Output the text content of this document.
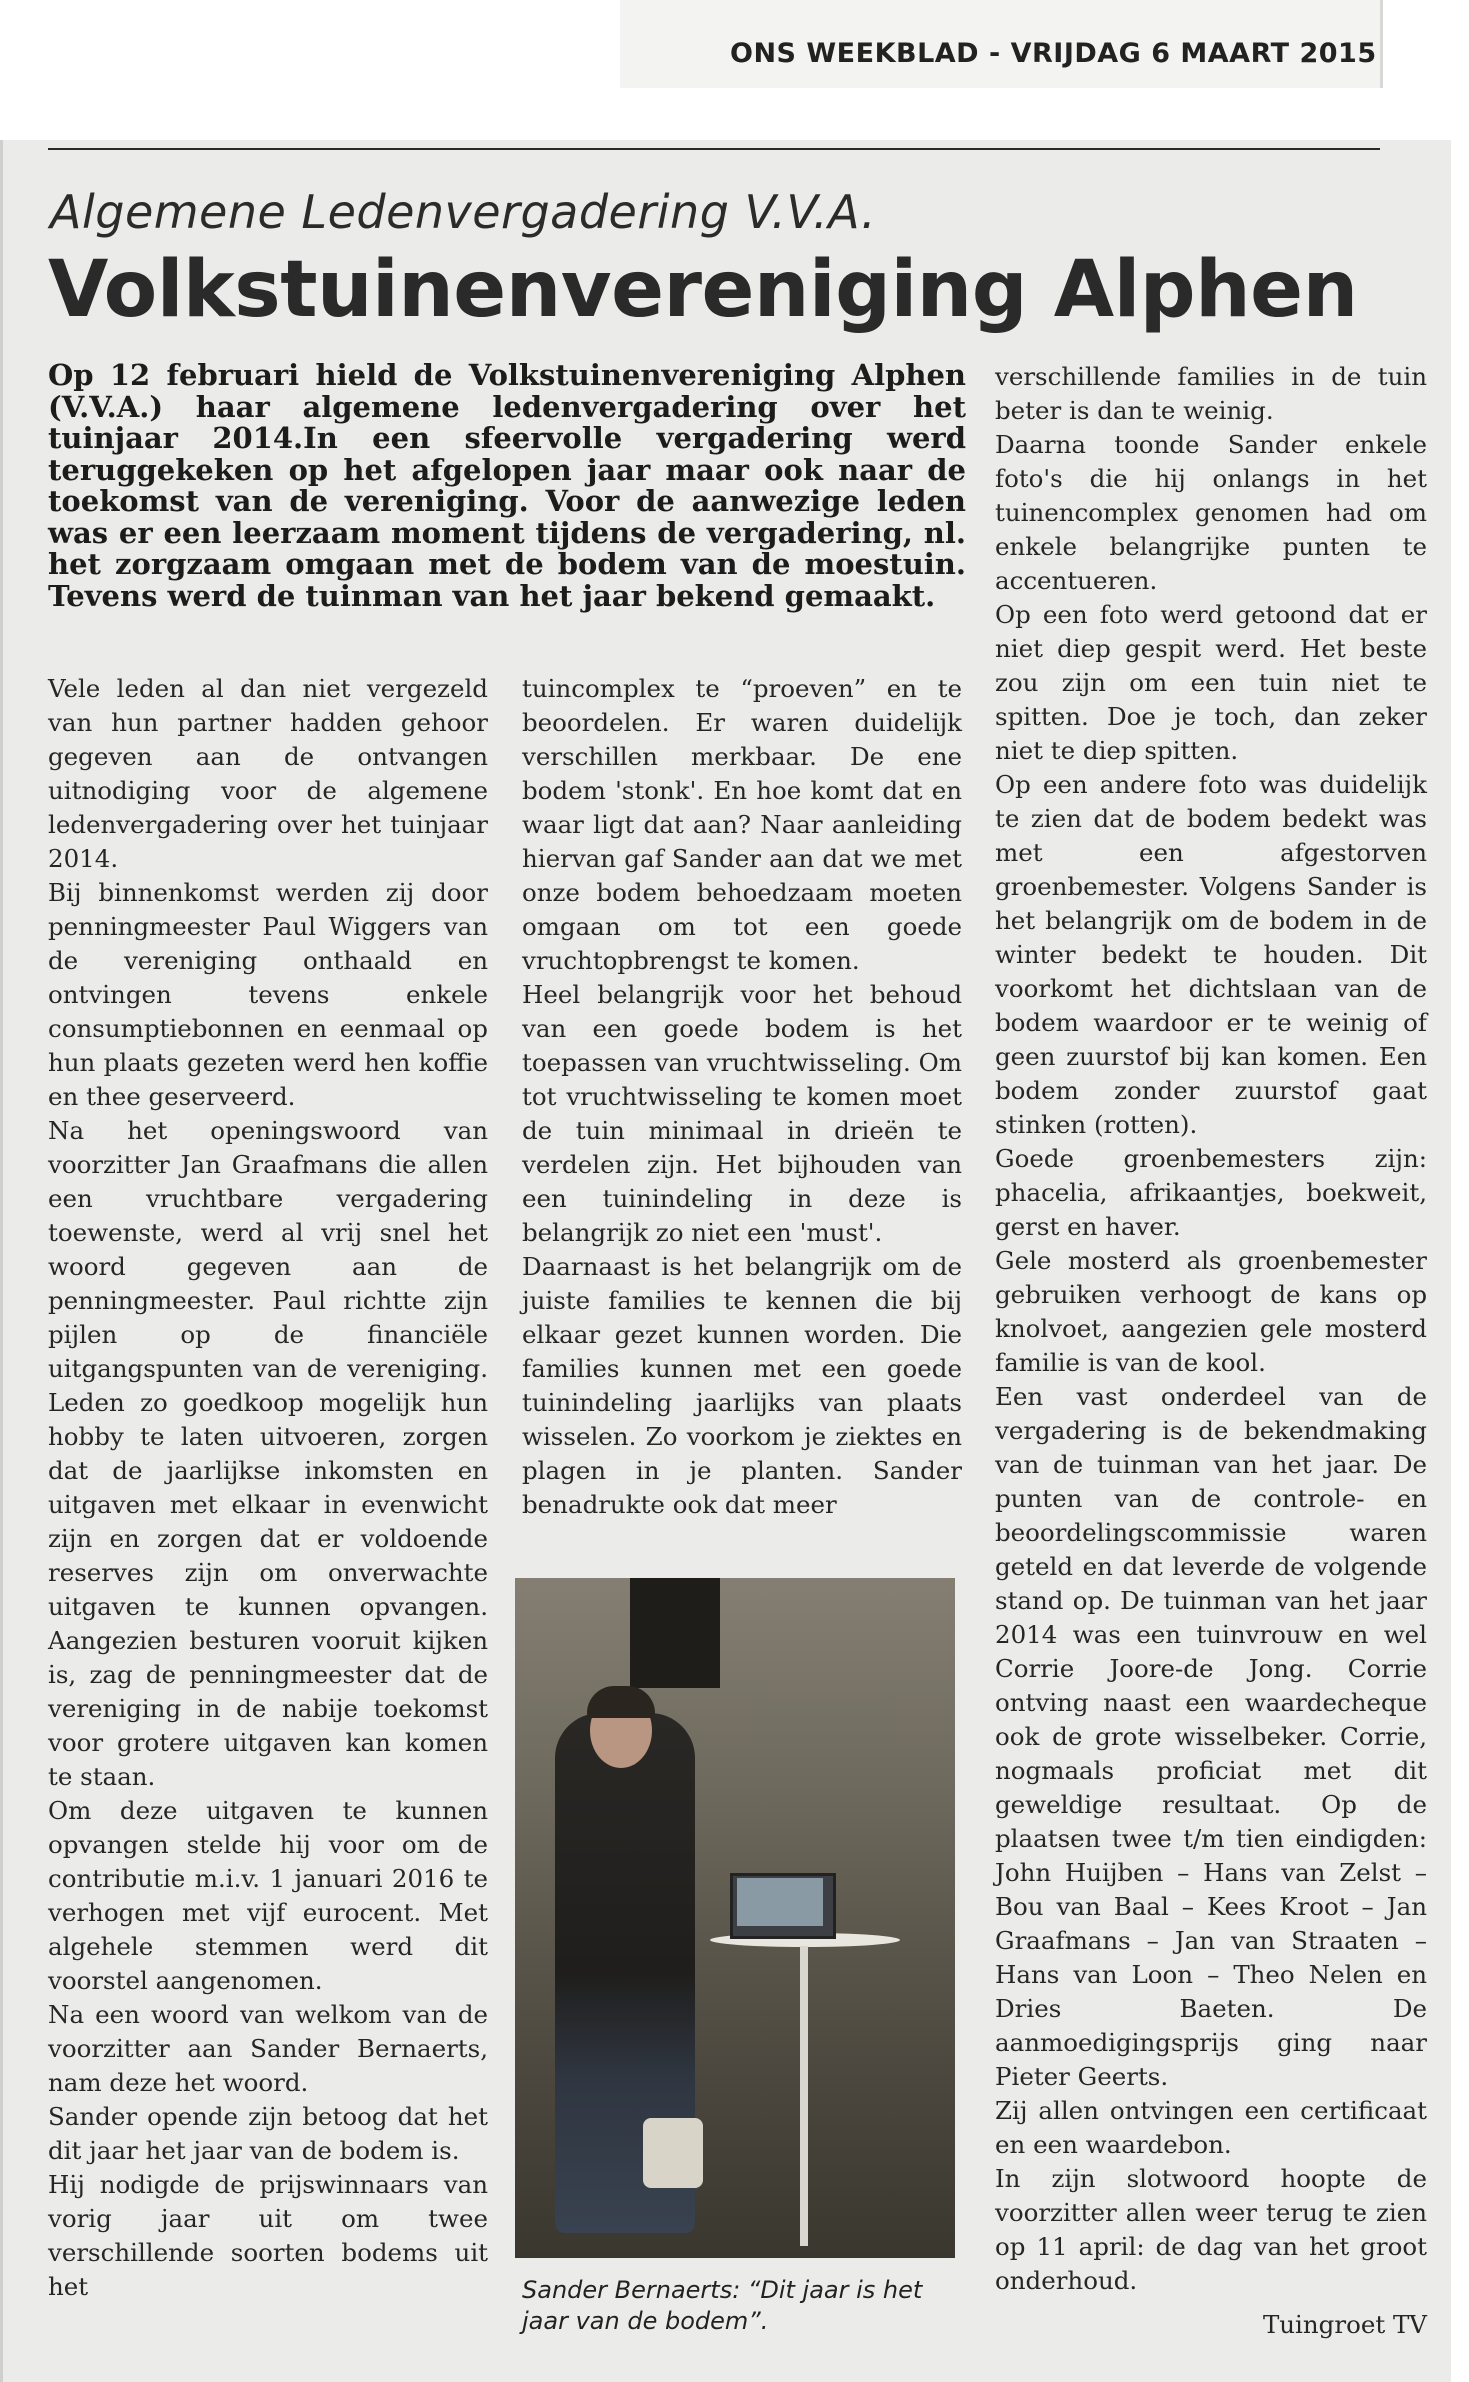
ONS WEEKBLAD - VRIJDAG 6 MAART 2015
Algemene Ledenvergadering V.V.A.
Volkstuinenvereniging Alphen
Op 12 februari hield de Volkstuinenvereniging Alphen (V.V.A.) haar algemene ledenvergadering over het tuinjaar 2014.In een sfeervolle vergadering werd teruggekeken op het afgelopen jaar maar ook naar de toekomst van de vereniging. Voor de aanwezige leden was er een leerzaam moment tijdens de vergadering, nl. het zorgzaam omgaan met de bodem van de moestuin. Tevens werd de tuinman van het jaar bekend gemaakt.

Vele leden al dan niet vergezeld van hun partner hadden gehoor gegeven aan de ontvangen uitnodiging voor de algemene ledenvergadering over het tuinjaar 2014.

Bij binnenkomst werden zij door penningmeester Paul Wiggers van de vereniging onthaald en ontvingen tevens enkele consumptiebonnen en eenmaal op hun plaats gezeten werd hen koffie en thee geserveerd.

Na het openingswoord van voorzitter Jan Graafmans die allen een vruchtbare vergadering toewenste, werd al vrij snel het woord gegeven aan de penningmeester. Paul richtte zijn pijlen op de financiële uitgangspunten van de vereniging. Leden zo goedkoop mogelijk hun hobby te laten uitvoeren, zorgen dat de jaarlijkse inkomsten en uitgaven met elkaar in evenwicht zijn en zorgen dat er voldoende reserves zijn om onverwachte uitgaven te kunnen opvangen. Aangezien besturen vooruit kijken is, zag de penningmeester dat de vereniging in de nabije toekomst voor grotere uitgaven kan komen te staan.

Om deze uitgaven te kunnen opvangen stelde hij voor om de contributie m.i.v. 1 januari 2016 te verhogen met vijf eurocent. Met algehele stemmen werd dit voorstel aangenomen.

Na een woord van welkom van de voorzitter aan Sander Bernaerts, nam deze het woord.

Sander opende zijn betoog dat het dit jaar het jaar van de bodem is.

Hij nodigde de prijswinnaars van vorig jaar uit om twee verschillende soorten bodems uit het

tuincomplex te “proeven” en te beoordelen. Er waren duidelijk verschillen merkbaar. De ene bodem 'stonk'. En hoe komt dat en waar ligt dat aan? Naar aanleiding hiervan gaf Sander aan dat we met onze bodem behoedzaam moeten omgaan om tot een goede vruchtopbrengst te komen.

Heel belangrijk voor het behoud van een goede bodem is het toepassen van vruchtwisseling. Om tot vruchtwisseling te komen moet de tuin minimaal in drieën te verdelen zijn. Het bijhouden van een tuinindeling in deze is belangrijk zo niet een 'must'.

Daarnaast is het belangrijk om de juiste families te kennen die bij elkaar gezet kunnen worden. Die families kunnen met een goede tuinindeling jaarlijks van plaats wisselen. Zo voorkom je ziektes en plagen in je planten. Sander benadrukte ook dat meer

Sander Bernaerts: “Dit jaar is het jaar van de bodem”.

verschillende families in de tuin beter is dan te weinig.

Daarna toonde Sander enkele foto's die hij onlangs in het tuinencomplex genomen had om enkele belangrijke punten te accentueren.

Op een foto werd getoond dat er niet diep gespit werd. Het beste zou zijn om een tuin niet te spitten. Doe je toch, dan zeker niet te diep spitten.

Op een andere foto was duidelijk te zien dat de bodem bedekt was met een afgestorven groenbemester. Volgens Sander is het belangrijk om de bodem in de winter bedekt te houden. Dit voorkomt het dichtslaan van de bodem waardoor er te weinig of geen zuurstof bij kan komen. Een bodem zonder zuurstof gaat stinken (rotten).

Goede groenbemesters zijn: phacelia, afrikaantjes, boekweit, gerst en haver.

Gele mosterd als groenbemester gebruiken verhoogt de kans op knolvoet, aangezien gele mosterd familie is van de kool.

Een vast onderdeel van de vergadering is de bekendmaking van de tuinman van het jaar. De punten van de controle- en beoordelingscommissie waren geteld en dat leverde de volgende stand op. De tuinman van het jaar 2014 was een tuinvrouw en wel Corrie Joore-de Jong. Corrie ontving naast een waardecheque ook de grote wisselbeker. Corrie, nogmaals proficiat met dit geweldige resultaat. Op de plaatsen twee t/m tien eindigden: John Huijben – Hans van Zelst – Bou van Baal – Kees Kroot – Jan Graafmans – Jan van Straaten – Hans van Loon – Theo Nelen en Dries Baeten. De aanmoedigingsprijs ging naar Pieter Geerts.

Zij allen ontvingen een certificaat en een waardebon.

In zijn slotwoord hoopte de voorzitter allen weer terug te zien op 11 april: de dag van het groot onderhoud.

Tuingroet TV
